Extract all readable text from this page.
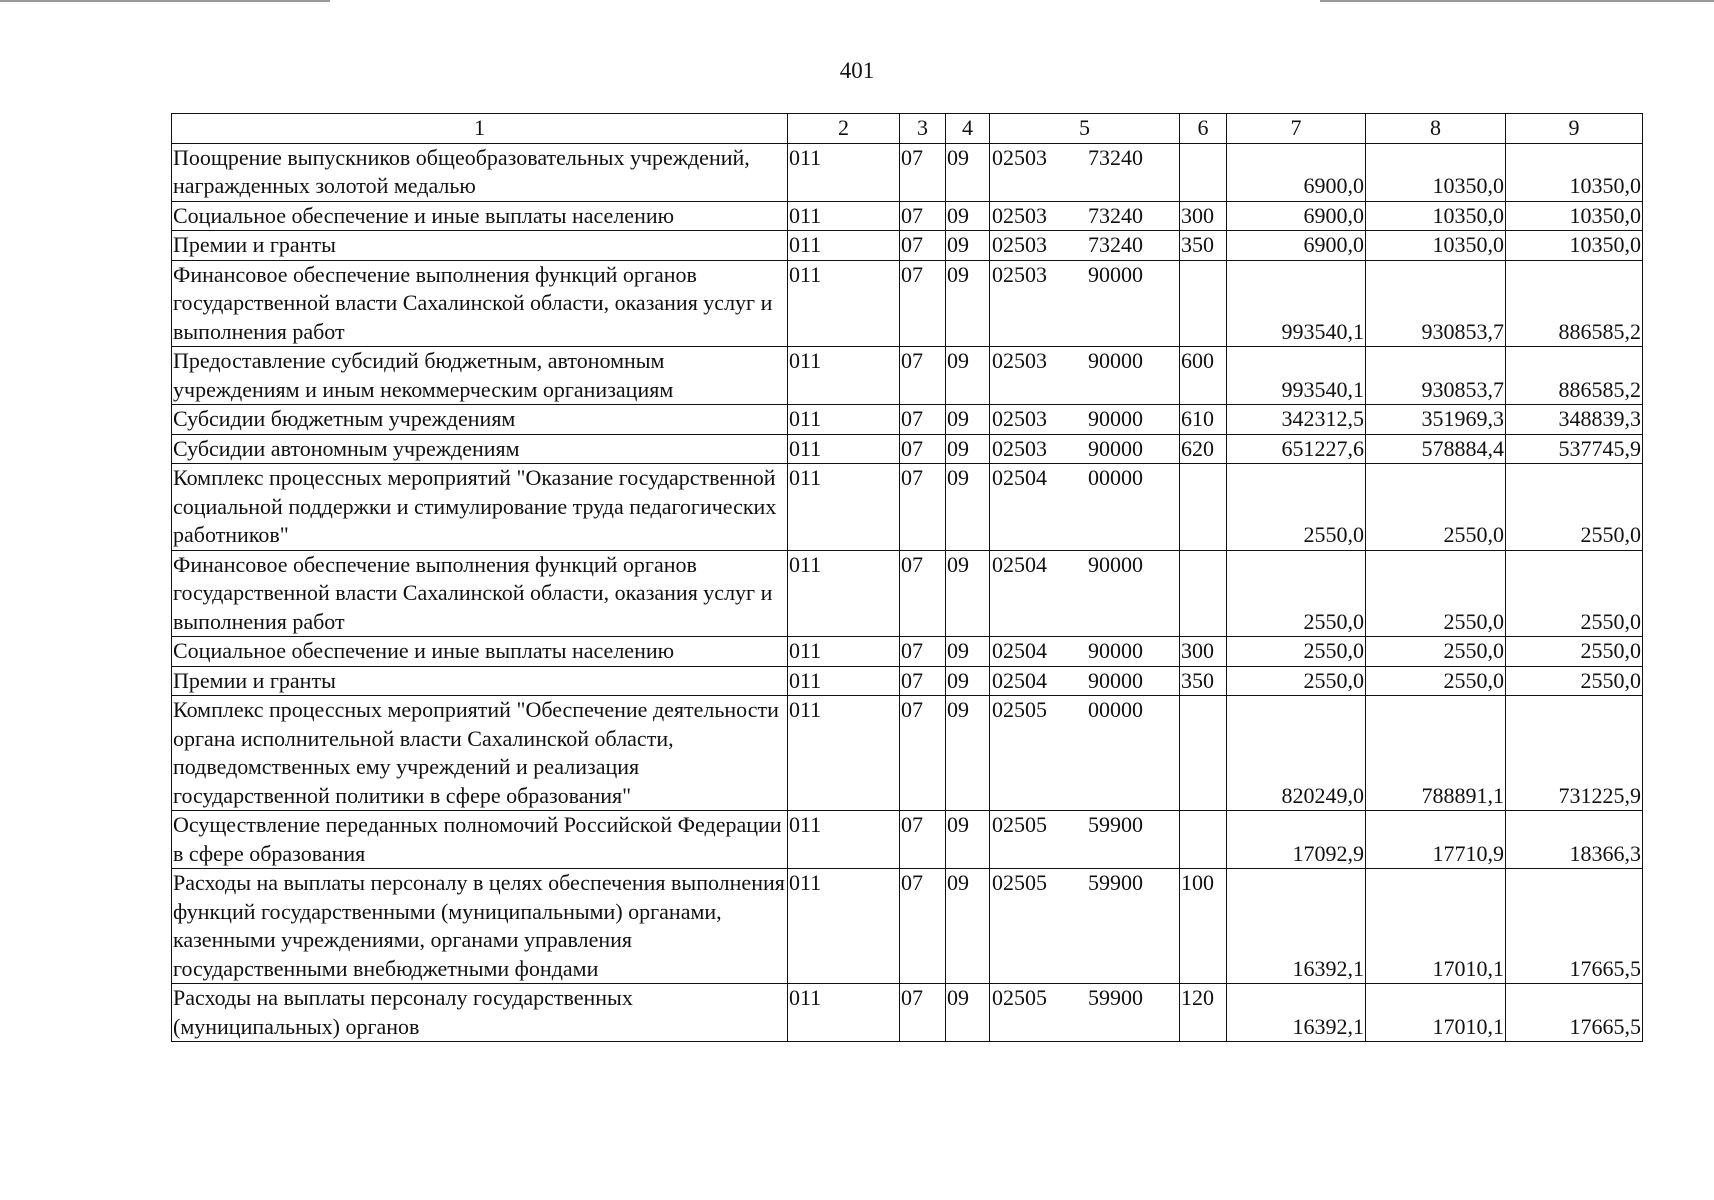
401
1	2	3	4	5	6	7	8	9
Поощрение выпускников общеобразовательных учреждений, награжденных золотой медалью	011	07	09	02503 73240		6900,0	10350,0	10350,0
Социальное обеспечение и иные выплаты населению	011	07	09	02503 73240	300	6900,0	10350,0	10350,0
Премии и гранты	011	07	09	02503 73240	350	6900,0	10350,0	10350,0
Финансовое обеспечение выполнения функций органов государственной власти Сахалинской области, оказания услуг и выполнения работ	011	07	09	02503 90000		993540,1	930853,7	886585,2
Предоставление субсидий бюджетным, автономным учреждениям и иным некоммерческим организациям	011	07	09	02503 90000	600	993540,1	930853,7	886585,2
Субсидии бюджетным учреждениям	011	07	09	02503 90000	610	342312,5	351969,3	348839,3
Субсидии автономным учреждениям	011	07	09	02503 90000	620	651227,6	578884,4	537745,9
Комплекс процессных мероприятий "Оказание государственной социальной поддержки и стимулирование труда педагогических работников"	011	07	09	02504 00000		2550,0	2550,0	2550,0
Финансовое обеспечение выполнения функций органов государственной власти Сахалинской области, оказания услуг и выполнения работ	011	07	09	02504 90000		2550,0	2550,0	2550,0
Социальное обеспечение и иные выплаты населению	011	07	09	02504 90000	300	2550,0	2550,0	2550,0
Премии и гранты	011	07	09	02504 90000	350	2550,0	2550,0	2550,0
Комплекс процессных мероприятий "Обеспечение деятельности органа исполнительной власти Сахалинской области, подведомственных ему учреждений и реализация государственной политики в сфере образования"	011	07	09	02505 00000		820249,0	788891,1	731225,9
Осуществление переданных полномочий Российской Федерации в сфере образования	011	07	09	02505 59900		17092,9	17710,9	18366,3
Расходы на выплаты персоналу в целях обеспечения выполнения функций государственными (муниципальными) органами, казенными учреждениями, органами управления государственными внебюджетными фондами	011	07	09	02505 59900	100	16392,1	17010,1	17665,5
Расходы на выплаты персоналу государственных (муниципальных) органов	011	07	09	02505 59900	120	16392,1	17010,1	17665,5
